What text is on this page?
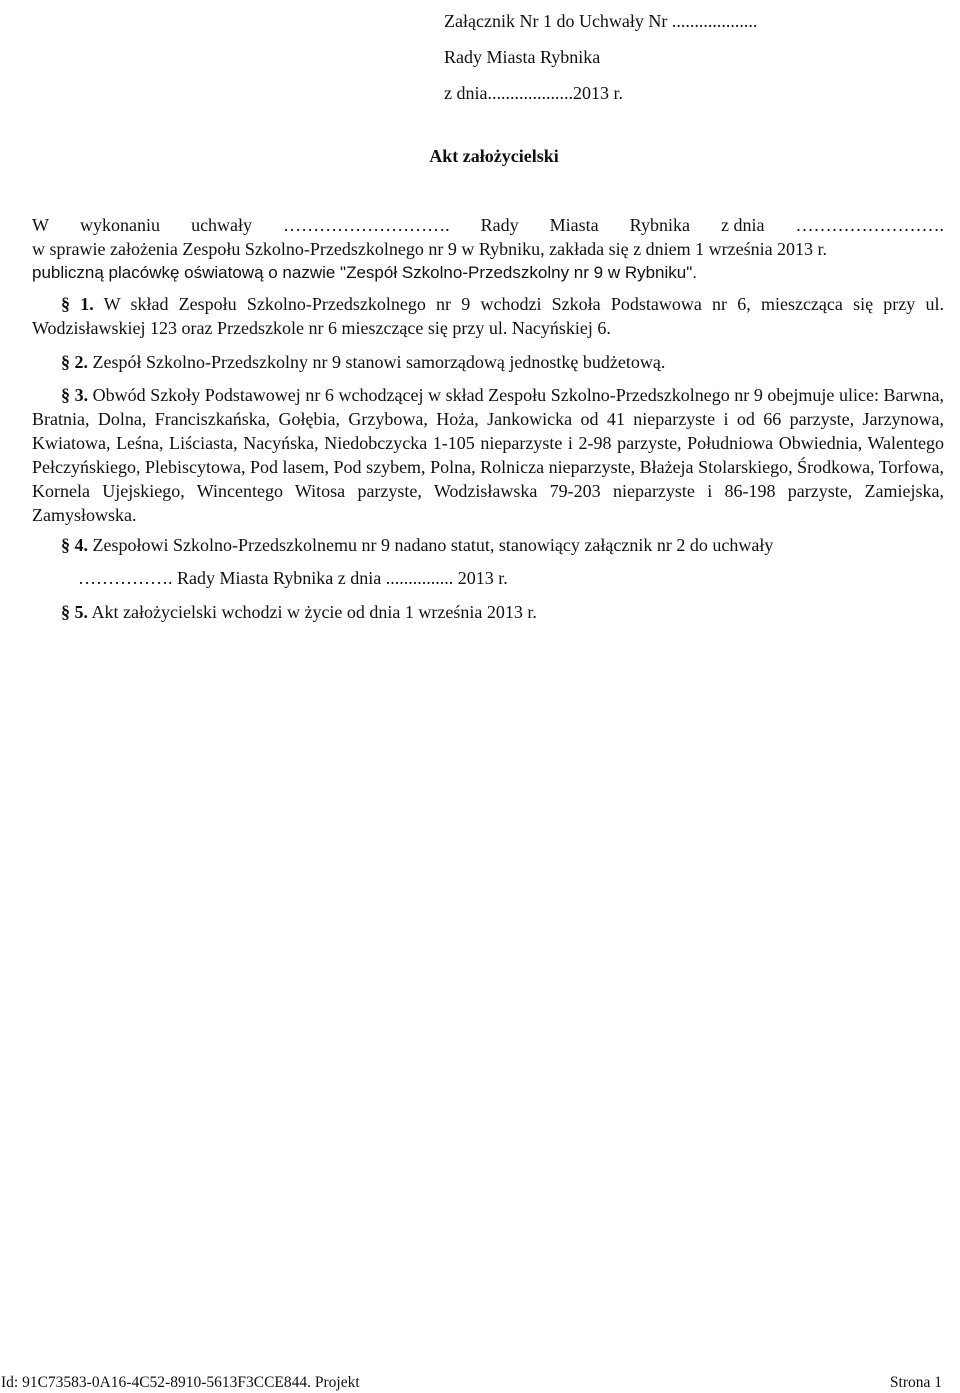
Załącznik Nr 1 do Uchwały Nr ...................
Rady Miasta Rybnika
z dnia...................2013 r.
Akt założycielski
W wykonaniu uchwały ………………………. Rady Miasta Rybnika z dnia …………………….
w sprawie założenia Zespołu Szkolno-Przedszkolnego nr 9 w Rybniku, zakłada się z dniem 1 września 2013 r.
publiczną placówkę oświatową o nazwie "Zespół Szkolno-Przedszkolny nr 9 w Rybniku".
§ 1. W skład Zespołu Szkolno-Przedszkolnego nr 9 wchodzi Szkoła Podstawowa nr 6, mieszcząca się przy ul. Wodzisławskiej 123 oraz Przedszkole nr 6 mieszczące się przy ul. Nacyńskiej 6.
§ 2. Zespół Szkolno-Przedszkolny nr 9 stanowi samorządową jednostkę budżetową.
§ 3. Obwód Szkoły Podstawowej nr 6 wchodzącej w skład Zespołu Szkolno-Przedszkolnego nr 9 obejmuje ulice: Barwna, Bratnia, Dolna, Franciszkańska, Gołębia, Grzybowa, Hoża, Jankowicka od 41 nieparzyste i od 66 parzyste, Jarzynowa, Kwiatowa, Leśna, Liściasta, Nacyńska, Niedobczycka 1-105 nieparzyste i 2-98 parzyste, Południowa Obwiednia, Walentego Pełczyńskiego, Plebiscytowa, Pod lasem, Pod szybem, Polna, Rolnicza nieparzyste, Błażeja Stolarskiego, Środkowa, Torfowa, Kornela Ujejskiego, Wincentego Witosa parzyste, Wodzisławska 79-203 nieparzyste i 86-198 parzyste, Zamiejska, Zamysłowska.
§ 4. Zespołowi Szkolno-Przedszkolnemu nr 9 nadano statut, stanowiący załącznik nr 2 do uchwały
……………. Rady Miasta Rybnika z dnia ............... 2013 r.
§ 5. Akt założycielski wchodzi w życie od dnia 1 września 2013 r.
Id: 91C73583-0A16-4C52-8910-5613F3CCE844. Projekt	Strona 1
